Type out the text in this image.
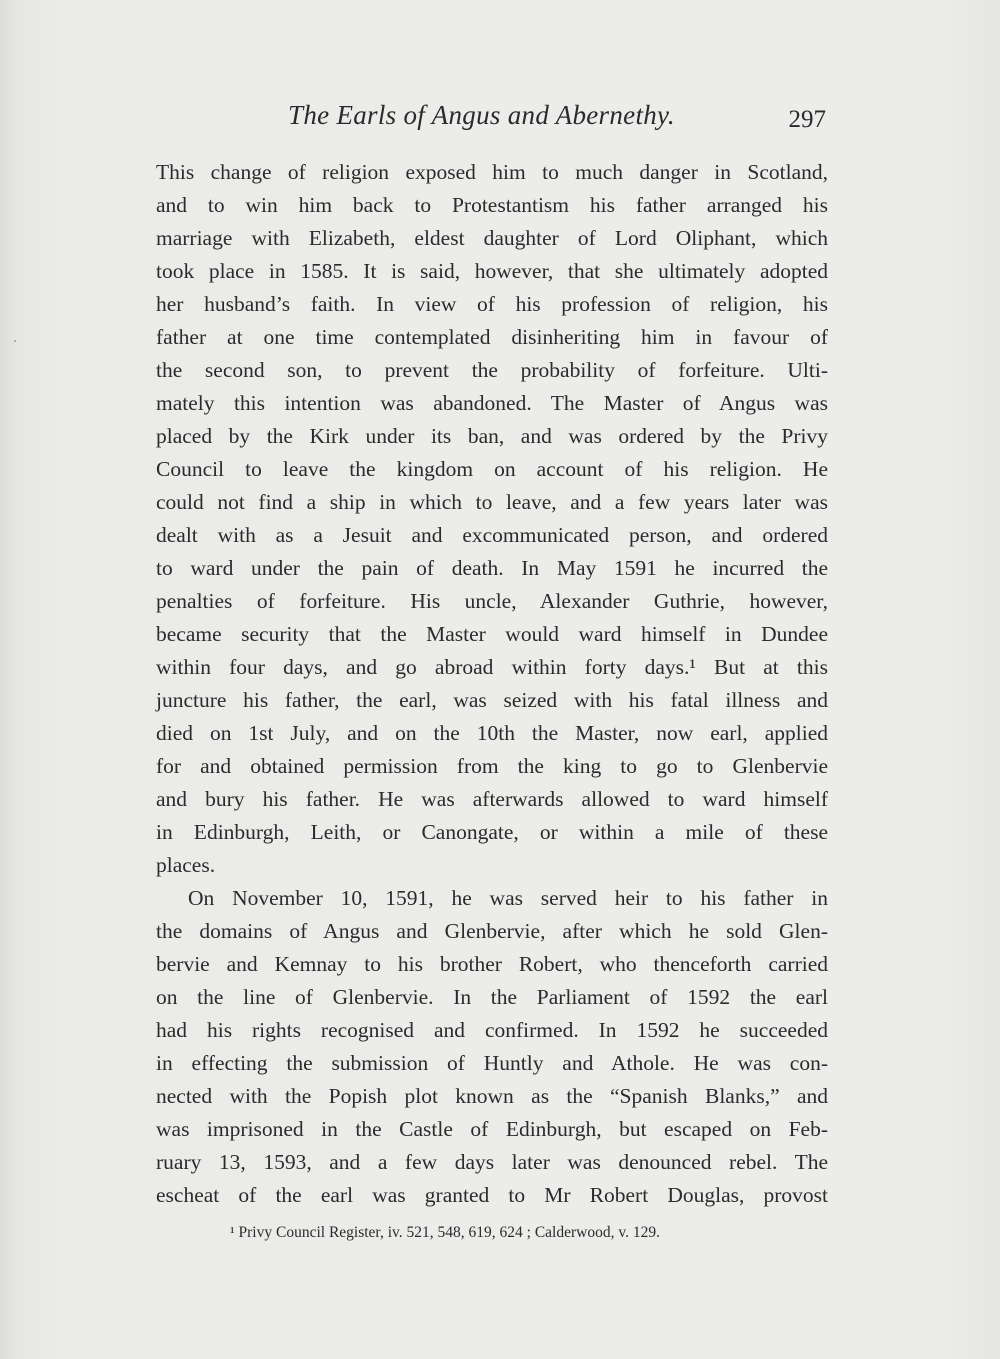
The Earls of Angus and Abernethy.	297
This change of religion exposed him to much danger in Scotland,
and to win him back to Protestantism his father arranged his
marriage with Elizabeth, eldest daughter of Lord Oliphant, which
took place in 1585. It is said, however, that she ultimately adopted
her husband’s faith. In view of his profession of religion, his
father at one time contemplated disinheriting him in favour of
the second son, to prevent the probability of forfeiture. Ulti-
mately this intention was abandoned. The Master of Angus was
placed by the Kirk under its ban, and was ordered by the Privy
Council to leave the kingdom on account of his religion. He
could not find a ship in which to leave, and a few years later was
dealt with as a Jesuit and excommunicated person, and ordered
to ward under the pain of death. In May 1591 he incurred the
penalties of forfeiture. His uncle, Alexander Guthrie, however,
became security that the Master would ward himself in Dundee
within four days, and go abroad within forty days.¹ But at this
juncture his father, the earl, was seized with his fatal illness and
died on 1st July, and on the 10th the Master, now earl, applied
for and obtained permission from the king to go to Glenbervie
and bury his father. He was afterwards allowed to ward himself
in Edinburgh, Leith, or Canongate, or within a mile of these
places.
On November 10, 1591, he was served heir to his father in
the domains of Angus and Glenbervie, after which he sold Glen-
bervie and Kemnay to his brother Robert, who thenceforth carried
on the line of Glenbervie. In the Parliament of 1592 the earl
had his rights recognised and confirmed. In 1592 he succeeded
in effecting the submission of Huntly and Athole. He was con-
nected with the Popish plot known as the “Spanish Blanks,” and
was imprisoned in the Castle of Edinburgh, but escaped on Feb-
ruary 13, 1593, and a few days later was denounced rebel. The
escheat of the earl was granted to Mr Robert Douglas, provost
¹ Privy Council Register, iv. 521, 548, 619, 624 ; Calderwood, v. 129.
